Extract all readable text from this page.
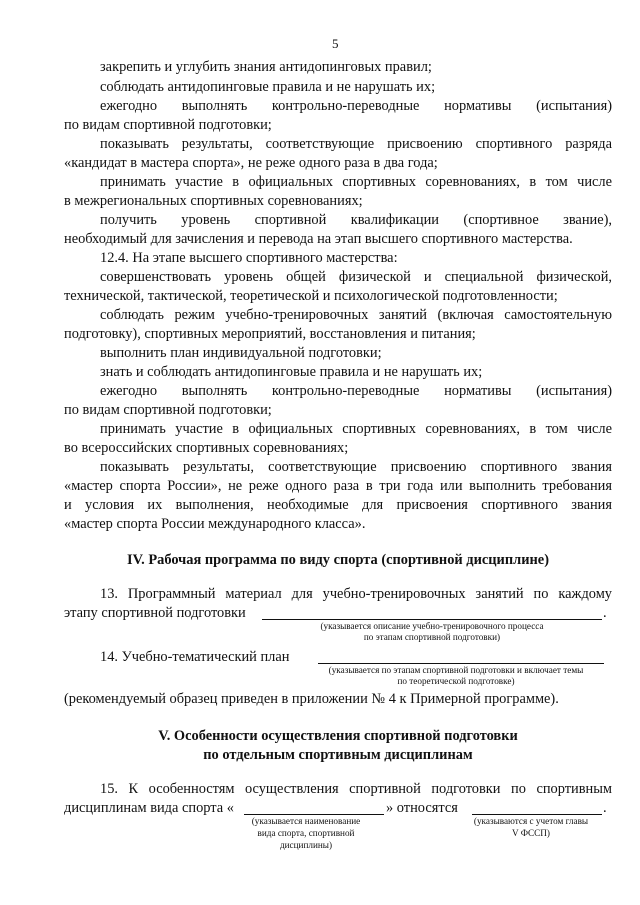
5
закрепить и углубить знания антидопинговых правил;
соблюдать антидопинговые правила и не нарушать их;
ежегодно выполнять контрольно-переводные нормативы (испытания)
по видам спортивной подготовки;
показывать результаты, соответствующие присвоению спортивного разряда
«кандидат в мастера спорта», не реже одного раза в два года;
принимать участие в официальных спортивных соревнованиях, в том числе
в межрегиональных спортивных соревнованиях;
получить уровень спортивной квалификации (спортивное звание),
необходимый для зачисления и перевода на этап высшего спортивного мастерства.
12.4. На этапе высшего спортивного мастерства:
совершенствовать уровень общей физической и специальной физической,
технической, тактической, теоретической и психологической подготовленности;
соблюдать режим учебно-тренировочных занятий (включая самостоятельную
подготовку), спортивных мероприятий, восстановления и питания;
выполнить план индивидуальной подготовки;
знать и соблюдать антидопинговые правила и не нарушать их;
ежегодно выполнять контрольно-переводные нормативы (испытания)
по видам спортивной подготовки;
принимать участие в официальных спортивных соревнованиях, в том числе
во всероссийских спортивных соревнованиях;
показывать результаты, соответствующие присвоению спортивного звания
«мастер спорта России», не реже одного раза в три года или выполнить требования
и условия их выполнения, необходимые для присвоения спортивного звания
«мастер спорта России международного класса».
IV. Рабочая программа по виду спорта (спортивной дисциплине)
13. Программный материал для учебно-тренировочных занятий по каждому
этапу спортивной подготовки	.
(указывается описание учебно-тренировочного процесса
по этапам спортивной подготовки)
14. Учебно-тематический план
(указывается по этапам спортивной подготовки и включает темы
по теоретической подготовке)
(рекомендуемый образец приведен в приложении № 4 к Примерной программе).
V. Особенности осуществления спортивной подготовки
по отдельным спортивным дисциплинам
15. К особенностям осуществления спортивной подготовки по спортивным
дисциплинам вида спорта «	» относятся	.
(указывается наименование
вида спорта, спортивной
дисциплины)
(указываются с учетом главы
V ФССП)
